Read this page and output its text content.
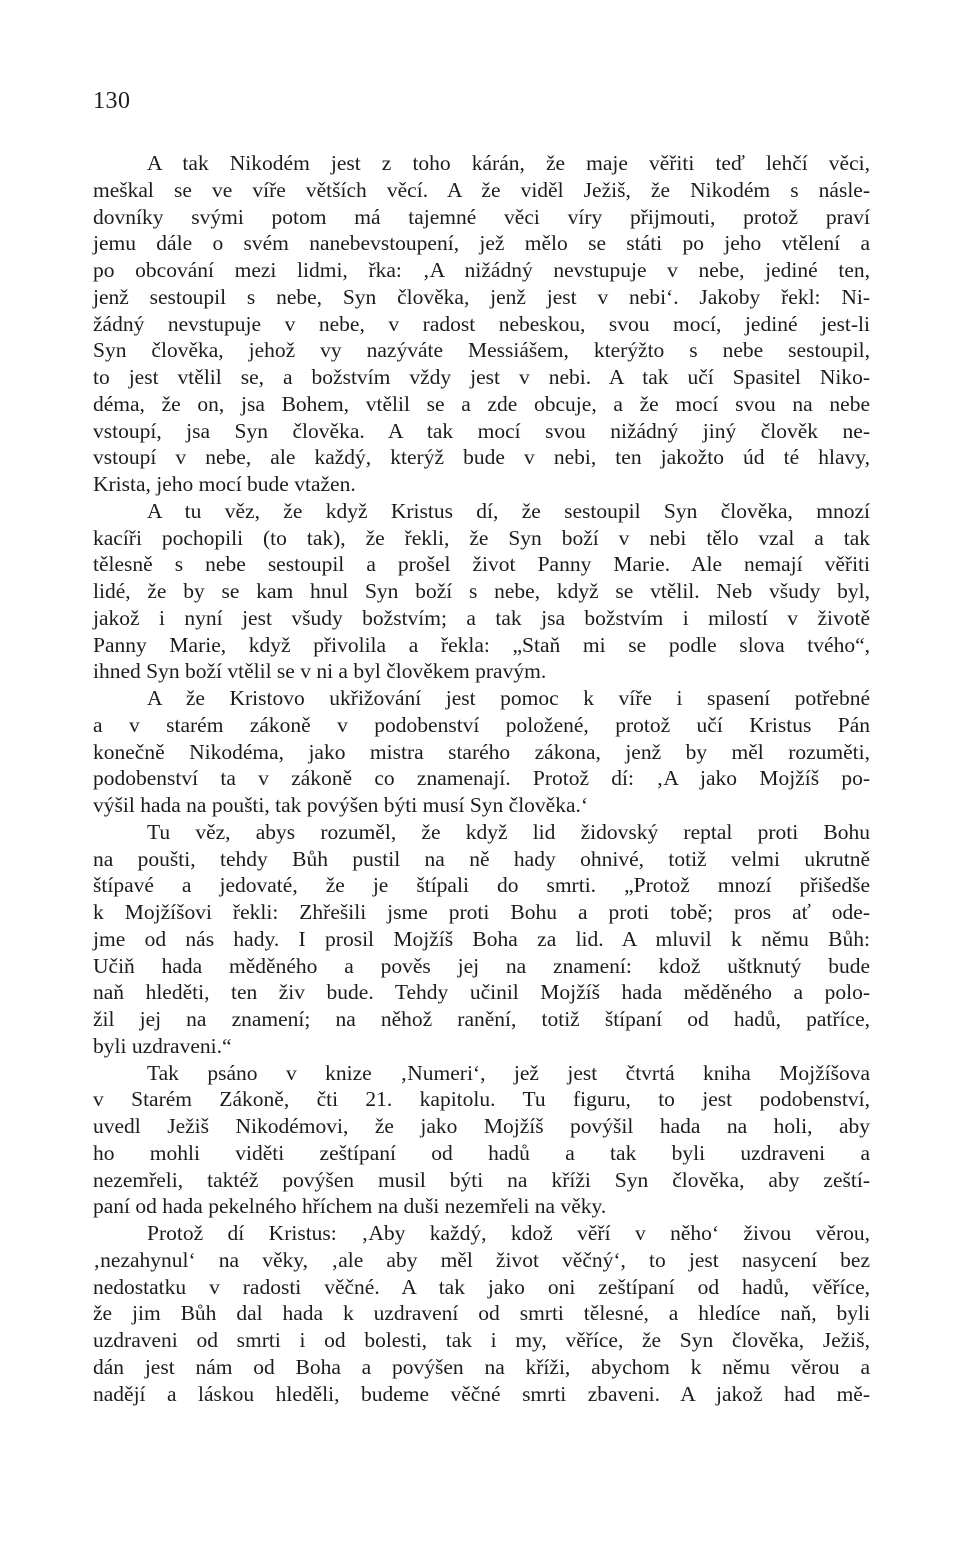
130
A tak Nikodém jest z toho kárán, že maje věřiti teď lehčí věci,
meškal se ve víře větších věcí. A že viděl Ježiš, že Nikodém s násle-
dovníky svými potom má tajemné věci víry přijmouti, protož praví
jemu dále o svém nanebevstoupení, jež mělo se státi po jeho vtělení a
po obcování mezi lidmi, řka: ‚A nižádný nevstupuje v nebe, jediné ten,
jenž sestoupil s nebe, Syn člověka, jenž jest v nebi‘. Jakoby řekl: Ni-
žádný nevstupuje v nebe, v radost nebeskou, svou mocí, jediné jest-li
Syn člověka, jehož vy nazýváte Messiášem, kterýžto s nebe sestoupil,
to jest vtělil se, a božstvím vždy jest v nebi. A tak učí Spasitel Niko-
déma, že on, jsa Bohem, vtělil se a zde obcuje, a že mocí svou na nebe
vstoupí, jsa Syn člověka. A tak mocí svou nižádný jiný člověk ne-
vstoupí v nebe, ale každý, kterýž bude v nebi, ten jakožto úd té hlavy,
Krista, jeho mocí bude vtažen.
A tu věz, že když Kristus dí, že sestoupil Syn člověka, mnozí
kacíři pochopili (to tak), že řekli, že Syn boží v nebi tělo vzal a tak
tělesně s nebe sestoupil a prošel život Panny Marie. Ale nemají věřiti
lidé, že by se kam hnul Syn boží s nebe, když se vtělil. Neb všudy byl,
jakož i nyní jest všudy božstvím; a tak jsa božstvím i milostí v životě
Panny Marie, když přivolila a řekla: „Staň mi se podle slova tvého“,
ihned Syn boží vtělil se v ni a byl člověkem pravým.
A že Kristovo ukřižování jest pomoc k víře i spasení potřebné
a v starém zákoně v podobenství položené, protož učí Kristus Pán
konečně Nikodéma, jako mistra starého zákona, jenž by měl rozuměti,
podobenství ta v zákoně co znamenají. Protož dí: ‚A jako Mojžíš po-
výšil hada na poušti, tak povýšen býti musí Syn člověka.‘
Tu věz, abys rozuměl, že když lid židovský reptal proti Bohu
na poušti, tehdy Bůh pustil na ně hady ohnivé, totiž velmi ukrutně
štípavé a jedovaté, že je štípali do smrti. „Protož mnozí přišedše
k Mojžíšovi řekli: Zhřešili jsme proti Bohu a proti tobě; pros ať ode-
jme od nás hady. I prosil Mojžíš Boha za lid. A mluvil k němu Bůh:
Učiň hada měděného a pověs jej na znamení: kdož uštknutý bude
naň hleděti, ten živ bude. Tehdy učinil Mojžíš hada měděného a polo-
žil jej na znamení; na něhož ranění, totiž štípaní od hadů, patříce,
byli uzdraveni.“
Tak psáno v knize ‚Numeri‘, jež jest čtvrtá kniha Mojžíšova
v Starém Zákoně, čti 21. kapitolu. Tu figuru, to jest podobenství,
uvedl Ježiš Nikodémovi, že jako Mojžíš povýšil hada na holi, aby
ho mohli viděti zeštípaní od hadů a tak byli uzdraveni a
nezemřeli, taktéž povýšen musil býti na kříži Syn člověka, aby zeští-
paní od hada pekelného hříchem na duši nezemřeli na věky.
Protož dí Kristus: ‚Aby každý, kdož věří v něho‘ živou věrou,
‚nezahynul‘ na věky, ‚ale aby měl život věčný‘, to jest nasycení bez
nedostatku v radosti věčné. A tak jako oni zeštípaní od hadů, věříce,
že jim Bůh dal hada k uzdravení od smrti tělesné, a hledíce naň, byli
uzdraveni od smrti i od bolesti, tak i my, věříce, že Syn člověka, Ježiš,
dán jest nám od Boha a povýšen na kříži, abychom k němu věrou a
nadějí a láskou hleděli, budeme věčné smrti zbaveni. A jakož had mě-
